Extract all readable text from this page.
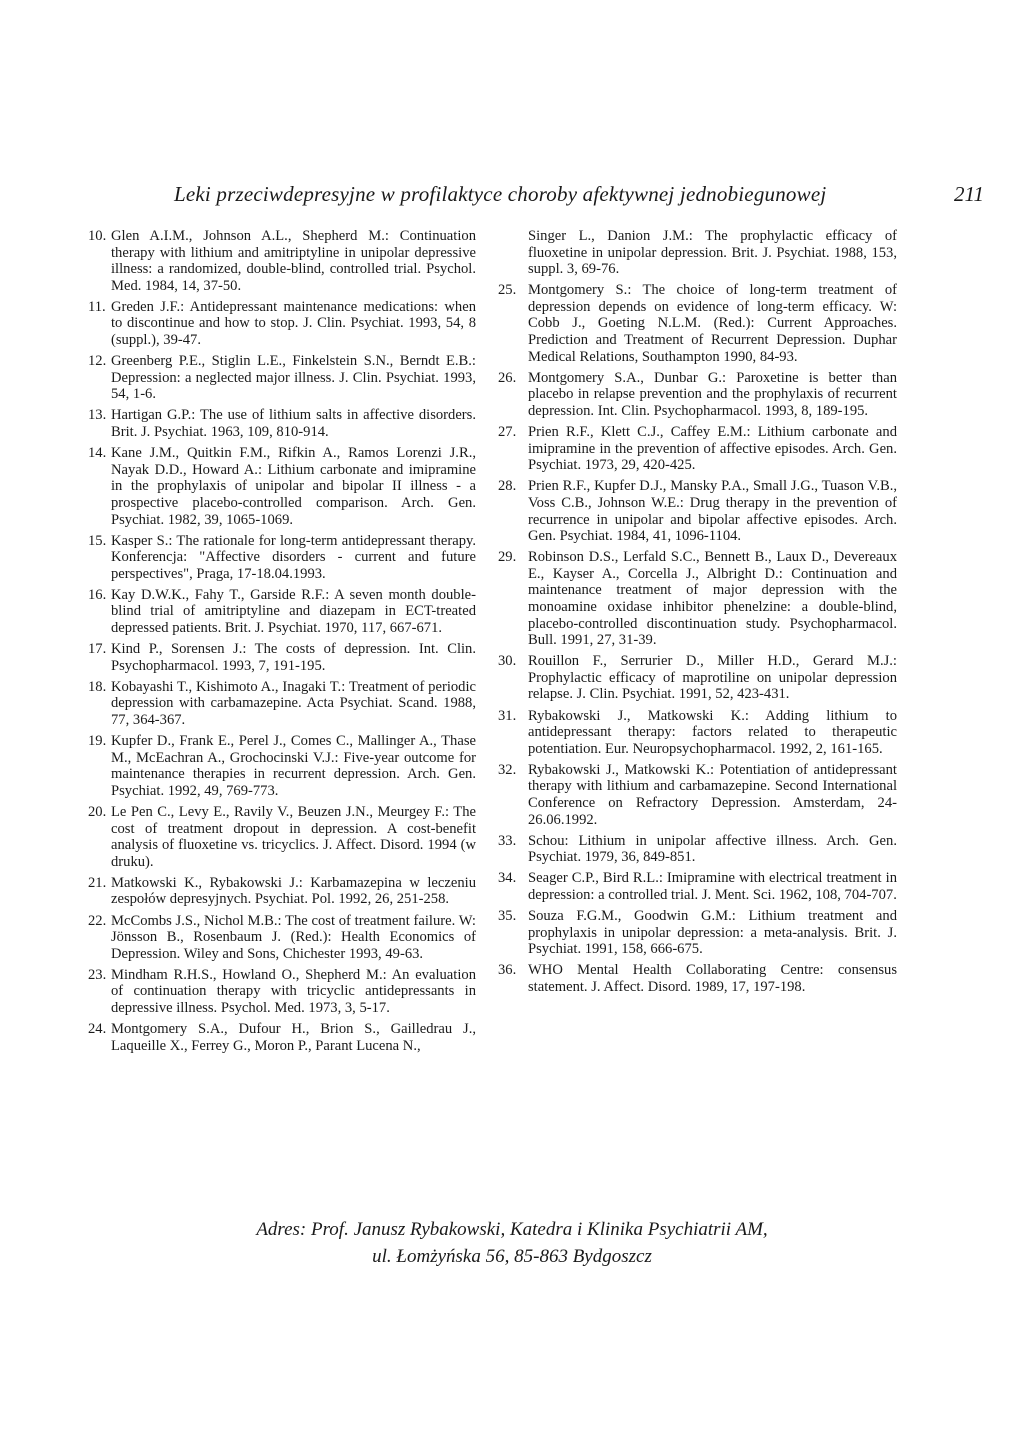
Leki przeciwdepresyjne w profilaktyce choroby afektywnej jednobiegunowej	211
10. Glen A.I.M., Johnson A.L., Shepherd M.: Continuation therapy with lithium and amitriptyline in unipolar depressive illness: a randomized, double-blind, controlled trial. Psychol. Med. 1984, 14, 37-50.
11. Greden J.F.: Antidepressant maintenance medications: when to discontinue and how to stop. J. Clin. Psychiat. 1993, 54, 8 (suppl.), 39-47.
12. Greenberg P.E., Stiglin L.E., Finkelstein S.N., Berndt E.B.: Depression: a neglected major illness. J. Clin. Psychiat. 1993, 54, 1-6.
13. Hartigan G.P.: The use of lithium salts in affective disorders. Brit. J. Psychiat. 1963, 109, 810-914.
14. Kane J.M., Quitkin F.M., Rifkin A., Ramos Lorenzi J.R., Nayak D.D., Howard A.: Lithium carbonate and imipramine in the prophylaxis of unipolar and bipolar II illness - a prospective placebo-controlled comparison. Arch. Gen. Psychiat. 1982, 39, 1065-1069.
15. Kasper S.: The rationale for long-term antidepressant therapy. Konferencja: "Affective disorders - current and future perspectives", Praga, 17-18.04.1993.
16. Kay D.W.K., Fahy T., Garside R.F.: A seven month double-blind trial of amitriptyline and diazepam in ECT-treated depressed patients. Brit. J. Psychiat. 1970, 117, 667-671.
17. Kind P., Sorensen J.: The costs of depression. Int. Clin. Psychopharmacol. 1993, 7, 191-195.
18. Kobayashi T., Kishimoto A., Inagaki T.: Treatment of periodic depression with carbamazepine. Acta Psychiat. Scand. 1988, 77, 364-367.
19. Kupfer D., Frank E., Perel J., Comes C., Mallinger A., Thase M., McEachran A., Grochocinski V.J.: Five-year outcome for maintenance therapies in recurrent depression. Arch. Gen. Psychiat. 1992, 49, 769-773.
20. Le Pen C., Levy E., Ravily V., Beuzen J.N., Meurgey F.: The cost of treatment dropout in depression. A cost-benefit analysis of fluoxetine vs. tricyclics. J. Affect. Disord. 1994 (w druku).
21. Matkowski K., Rybakowski J.: Karbamazepina w leczeniu zespołów depresyjnych. Psychiat. Pol. 1992, 26, 251-258.
22. McCombs J.S., Nichol M.B.: The cost of treatment failure. W: Jönsson B., Rosenbaum J. (Red.): Health Economics of Depression. Wiley and Sons, Chichester 1993, 49-63.
23. Mindham R.H.S., Howland O., Shepherd M.: An evaluation of continuation therapy with tricyclic antidepressants in depressive illness. Psychol. Med. 1973, 3, 5-17.
24. Montgomery S.A., Dufour H., Brion S., Gailledrau J., Laqueille X., Ferrey G., Moron P., Parant Lucena N.,
Singer L., Danion J.M.: The prophylactic efficacy of fluoxetine in unipolar depression. Brit. J. Psychiat. 1988, 153, suppl. 3, 69-76.
25. Montgomery S.: The choice of long-term treatment of depression depends on evidence of long-term efficacy. W: Cobb J., Goeting N.L.M. (Red.): Current Approaches. Prediction and Treatment of Recurrent Depression. Duphar Medical Relations, Southampton 1990, 84-93.
26. Montgomery S.A., Dunbar G.: Paroxetine is better than placebo in relapse prevention and the prophylaxis of recurrent depression. Int. Clin. Psychopharmacol. 1993, 8, 189-195.
27. Prien R.F., Klett C.J., Caffey E.M.: Lithium carbonate and imipramine in the prevention of affective episodes. Arch. Gen. Psychiat. 1973, 29, 420-425.
28. Prien R.F., Kupfer D.J., Mansky P.A., Small J.G., Tuason V.B., Voss C.B., Johnson W.E.: Drug therapy in the prevention of recurrence in unipolar and bipolar affective episodes. Arch. Gen. Psychiat. 1984, 41, 1096-1104.
29. Robinson D.S., Lerfald S.C., Bennett B., Laux D., Devereaux E., Kayser A., Corcella J., Albright D.: Continuation and maintenance treatment of major depression with the monoamine oxidase inhibitor phenelzine: a double-blind, placebo-controlled discontinuation study. Psychopharmacol. Bull. 1991, 27, 31-39.
30. Rouillon F., Serrurier D., Miller H.D., Gerard M.J.: Prophylactic efficacy of maprotiline on unipolar depression relapse. J. Clin. Psychiat. 1991, 52, 423-431.
31. Rybakowski J., Matkowski K.: Adding lithium to antidepressant therapy: factors related to therapeutic potentiation. Eur. Neuropsychopharmacol. 1992, 2, 161-165.
32. Rybakowski J., Matkowski K.: Potentiation of antidepressant therapy with lithium and carbamazepine. Second International Conference on Refractory Depression. Amsterdam, 24-26.06.1992.
33. Schou: Lithium in unipolar affective illness. Arch. Gen. Psychiat. 1979, 36, 849-851.
34. Seager C.P., Bird R.L.: Imipramine with electrical treatment in depression: a controlled trial. J. Ment. Sci. 1962, 108, 704-707.
35. Souza F.G.M., Goodwin G.M.: Lithium treatment and prophylaxis in unipolar depression: a meta-analysis. Brit. J. Psychiat. 1991, 158, 666-675.
36. WHO Mental Health Collaborating Centre: consensus statement. J. Affect. Disord. 1989, 17, 197-198.
Adres: Prof. Janusz Rybakowski, Katedra i Klinika Psychiatrii AM,
ul. Łomżyńska 56, 85-863 Bydgoszcz
